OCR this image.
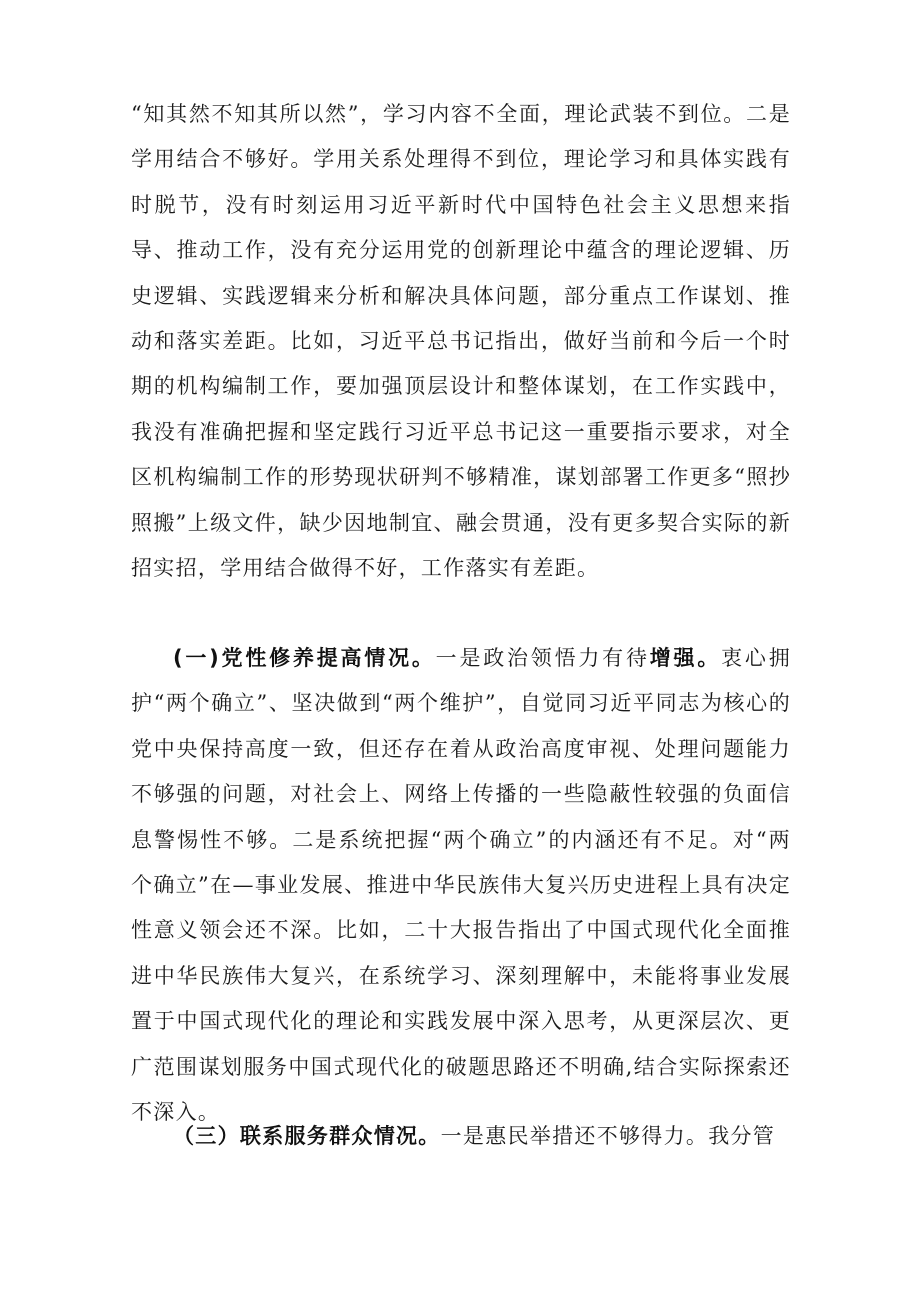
“知其然不知其所以然”，学习内容不全面，理论武装不到位。二是学用结合不够好。学用关系处理得不到位，理论学习和具体实践有时脱节，没有时刻运用习近平新时代中国特色社会主义思想来指导、推动工作，没有充分运用党的创新理论中蕴含的理论逻辑、历史逻辑、实践逻辑来分析和解决具体问题，部分重点工作谋划、推动和落实差距。比如，习近平总书记指出，做好当前和今后一个时期的机构编制工作，要加强顶层设计和整体谋划，在工作实践中，我没有准确把握和坚定践行习近平总书记这一重要指示要求，对全区机构编制工作的形势现状研判不够精准，谋划部署工作更多“照抄照搬”上级文件，缺少因地制宜、融会贯通，没有更多契合实际的新招实招，学用结合做得不好，工作落实有差距。

(一)党性修养提高情况。一是政治领悟力有待增强。衷心拥护“两个确立”、坚决做到“两个维护”，自觉同习近平同志为核心的党中央保持高度一致，但还存在着从政治高度审视、处理问题能力不够强的问题，对社会上、网络上传播的一些隐蔽性较强的负面信息警惕性不够。二是系统把握“两个确立”的内涵还有不足。对“两个确立”在—事业发展、推进中华民族伟大复兴历史进程上具有决定性意义领会还不深。比如，二十大报告指出了中国式现代化全面推进中华民族伟大复兴，在系统学习、深刻理解中，未能将事业发展置于中国式现代化的理论和实践发展中深入思考，从更深层次、更广范围谋划服务中国式现代化的破题思路还不明确,结合实际探索还不深入。

（三）联系服务群众情况。一是惠民举措还不够得力。我分管
